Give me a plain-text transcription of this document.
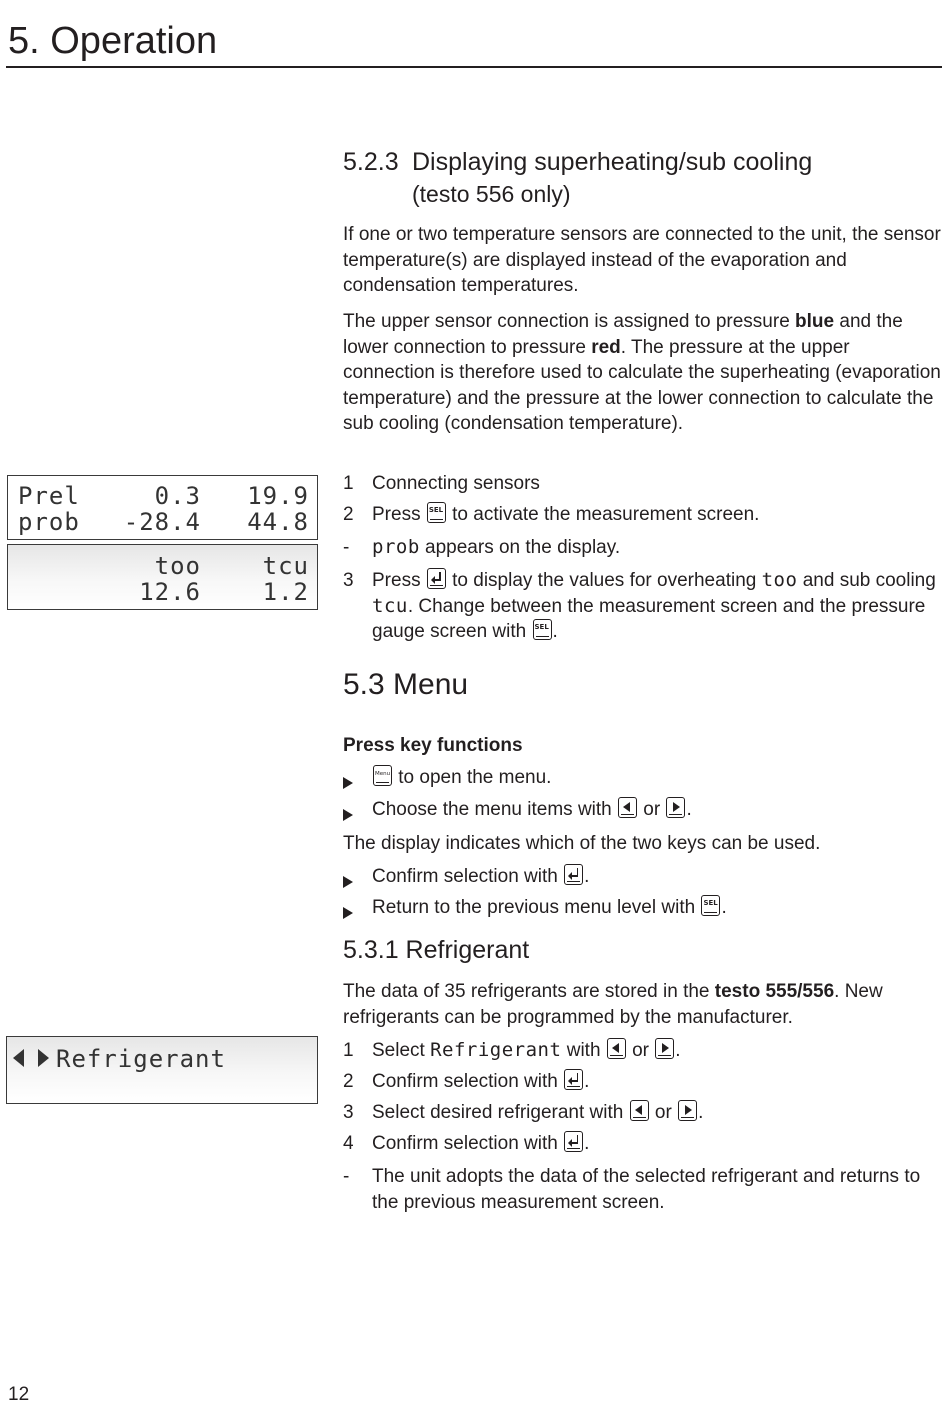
5. Operation
Prel	0.3 19.9
prob -28.4 44.8
too	tcu
12.6	1.2
Refrigerant
12
5.2.3 Displaying superheating/sub cooling
(testo 556 only)

If one or two temperature sensors are connected to the unit, the sensor temperature(s) are displayed instead of the evaporation and condensation temperatures.

The upper sensor connection is assigned to pressure blue and the lower connection to pressure red. The pressure at the upper connection is therefore used to calculate the superheating (evaporation temperature) and the pressure at the lower connection to calculate the sub cooling (condensation temperature).

1 Connecting sensors
2 Press SEL to activate the measurement screen.
-	prob appears on the display.
3 Press
to display the values for overheating too and sub cooling tcu. Change between the measurement screen and the pressure gauge screen with SEL .
5.3 Menu
Press key functions
Menu to open the menu.
Choose the menu items with
or
.

The display indicates which of the two keys can be used.

Confirm selection with
.
Return to the previous menu level with SEL .
5.3.1 Refrigerant

The data of 35 refrigerants are stored in the testo 555/556. New refrigerants can be programmed by the manufacturer.

1 Select Refrigerant with
or
.
2 Confirm selection with
.
3 Select desired refrigerant with
or
.
4 Confirm selection with
.
-	The unit adopts the data of the selected refrigerant and returns to the previous measurement screen.
